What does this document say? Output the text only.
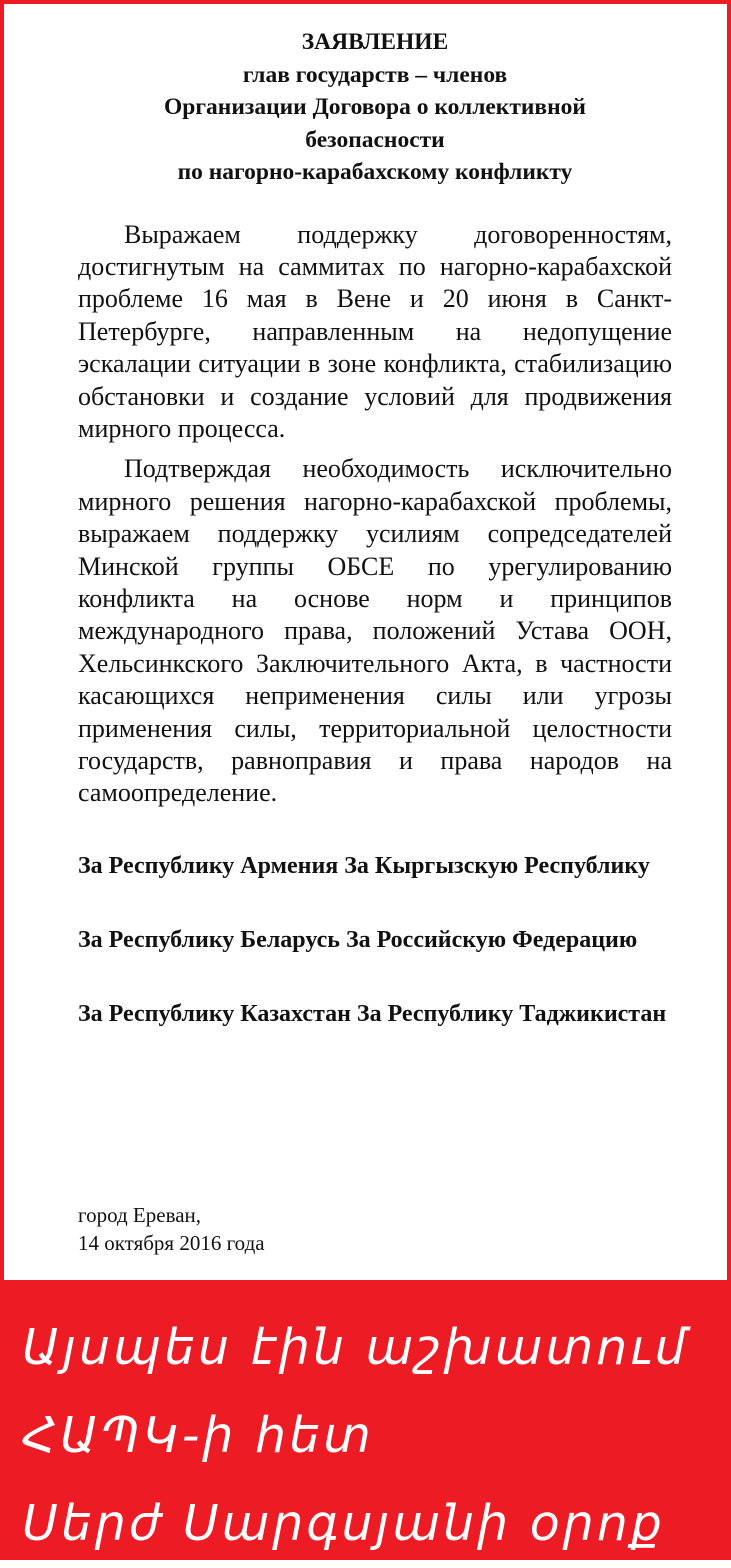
ЗАЯВЛЕНИЕ
глав государств – членов
Организации Договора о коллективной
безопасности
по нагорно-карабахскому конфликту

Выражаем поддержку договоренностям, достигнутым на саммитах по нагорно-карабахской проблеме 16 мая в Вене и 20 июня в Санкт-Петербурге, направленным на недопущение эскалации ситуации в зоне конфликта, стабилизацию обстановки и создание условий для продвижения мирного процесса.

Подтверждая необходимость исключительно мирного решения нагорно-карабахской проблемы, выражаем поддержку усилиям сопредседателей Минской группы ОБСЕ по урегулированию конфликта на основе норм и принципов международного права, положений Устава ООН, Хельсинкского Заключительного Акта, в частности касающихся неприменения силы или угрозы применения силы, территориальной целостности государств, равноправия и права народов на самоопределение.

За Республику Армения За Кыргызскую Республику

За Республику Беларусь За Российскую Федерацию

За Республику Казахстан За Республику Таджикистан

город Ереван,
14 октября 2016 года
Այսպես էին աշխատում
ՀԱՊԿ-ի հետ
Սերժ Սարգսյանի օրոք
